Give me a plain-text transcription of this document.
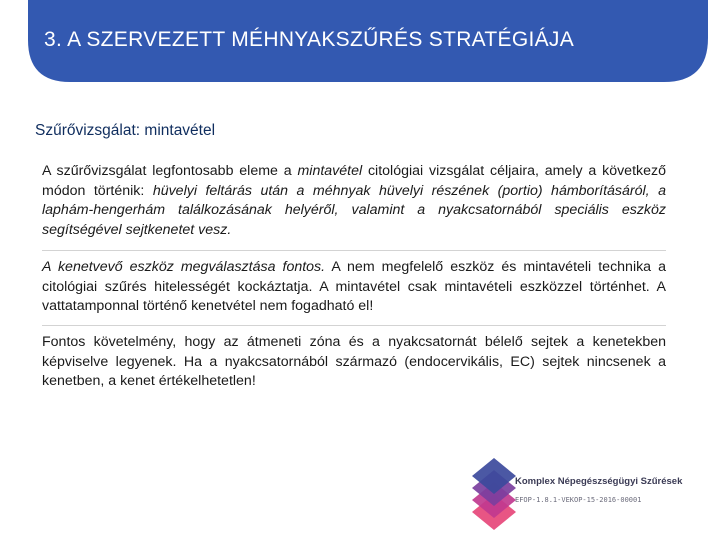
3. A SZERVEZETT MÉHNYAKSZŰRÉS STRATÉGIÁJA
Szűrővizsgálat: mintavétel
A szűrővizsgálat legfontosabb eleme a mintavétel citológiai vizsgálat céljaira, amely a következő módon történik: hüvelyi feltárás után a méhnyak hüvelyi részének (portio) hámborításáról, a laphám-hengerhám találkozásának helyéről, valamint a nyakcsatornából speciális eszköz segítségével sejtkenetet vesz.
A kenetvevő eszköz megválasztása fontos. A nem megfelelő eszköz és mintavételi technika a citológiai szűrés hitelességét kockáztatja. A mintavétel csak mintavételi eszközzel történhet. A vattatamponnal történő kenetvétel nem fogadható el!
Fontos követelmény, hogy az átmeneti zóna és a nyakcsatornát bélelő sejtek a kenetekben képviselve legyenek. Ha a nyakcsatornából származó (endocervikális, EC) sejtek nincsenek a kenetben, a kenet értékelhetetlen!
Komplex Népegészségügyi Szűrések
EFOP-1.8.1-VEKOP-15-2016-00001
